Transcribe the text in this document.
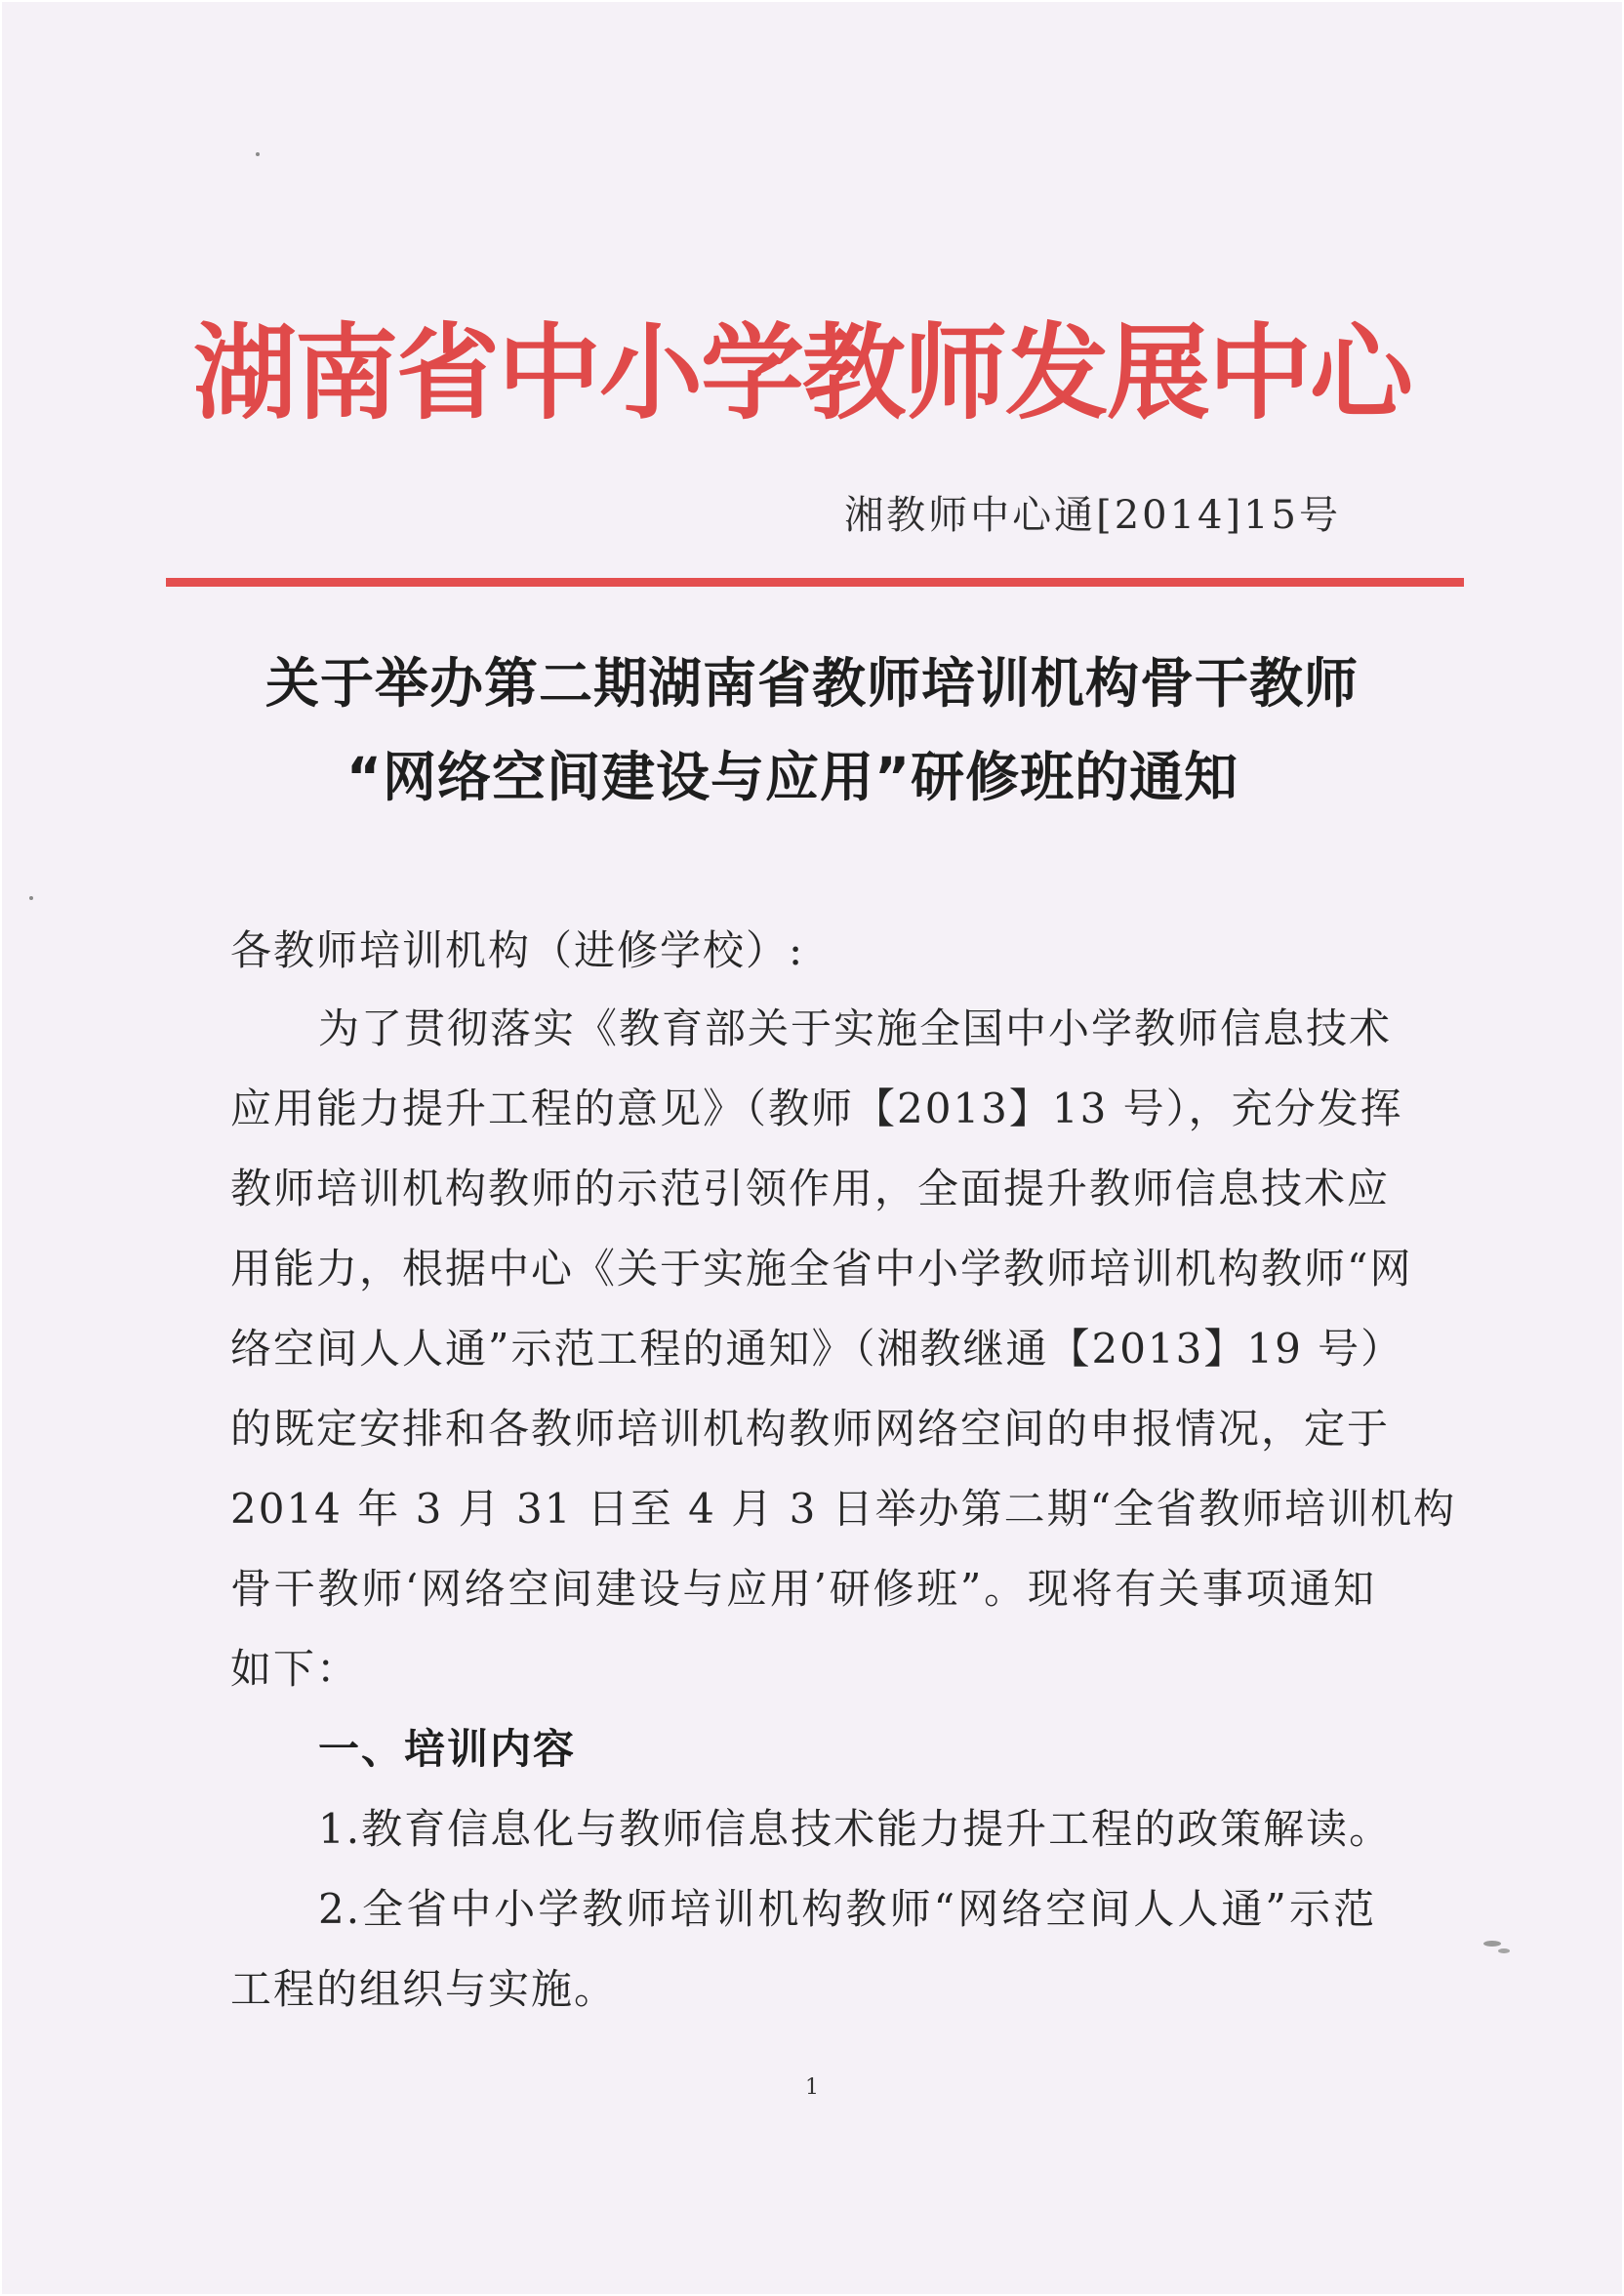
湖南省中小学教师发展中心
湘教师中心通[2014]15号
关于举办第二期湖南省教师培训机构骨干教师
“网络空间建设与应用”研修班的通知
各教师培训机构（进修学校）:
为了贯彻落实《教育部关于实施全国中小学教师信息技术
应用能力提升工程的意见》（教师【2013】13 号），充分发挥
教师培训机构教师的示范引领作用，全面提升教师信息技术应
用能力，根据中心《关于实施全省中小学教师培训机构教师“网
络空间人人通”示范工程的通知》（湘教继通【2013】19 号）
的既定安排和各教师培训机构教师网络空间的申报情况，定于
2014 年 3 月 31 日至 4 月 3 日举办第二期“全省教师培训机构
骨干教师‘网络空间建设与应用’研修班”。现将有关事项通知
如下：
一、培训内容
1.教育信息化与教师信息技术能力提升工程的政策解读。
2.全省中小学教师培训机构教师“网络空间人人通”示范
工程的组织与实施。
1
